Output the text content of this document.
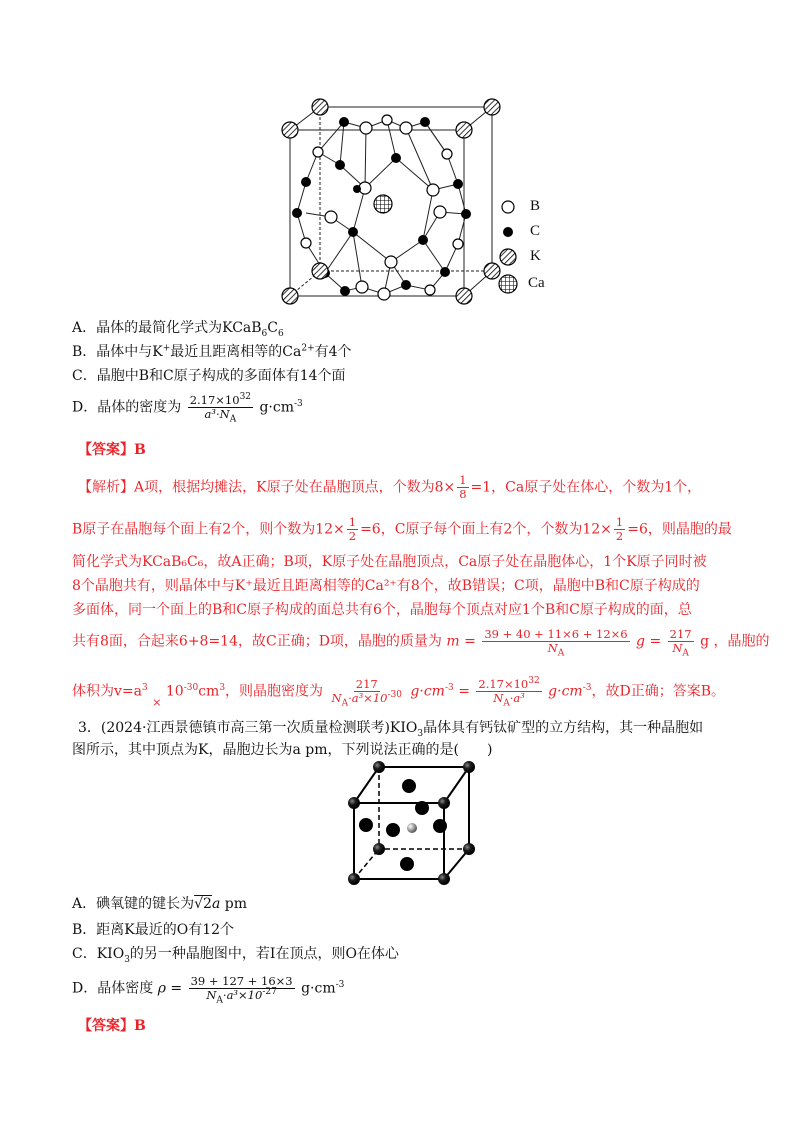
B
C
K
Ca
A．晶体的最简化学式为$KCaB_6C_6$
B．晶体中与K+最近且距离相等的$Ca^{2+}$有4个
C．晶胞中B和C原子构成的多面体有14个面
D．晶体的密度为 $\frac{2.17\times 10^{32}}{a^3\cdot N_A} g\cdot cm^{-3}$
【答案】B
【解析】A项，根据均摊法，K原子处在晶胞顶点，个数为$8\times \frac{1}{8} =1$，Ca原子处在体心，个数为1个，
B原子在晶胞每个面上有2个，则个数为$12\times \frac{1}{2} =6$，C原子每个面上有2个，个数为$12\times \frac{1}{2} =6$，则晶胞的最
简化学式为KCaB₆C₆，故A正确；B项，K原子处在晶胞顶点，Ca原子处在晶胞体心，1个K原子同时被
8个晶胞共有，则晶体中与K⁺最近且距离相等的Ca²⁺有8个，故B错误；C项，晶胞中B和C原子构成的
多面体，同一个面上的B和C原子构成的面总共有6个，晶胞每个顶点对应1个B和C原子构成的面，总
共有8面，合起来6+8=14，故C正确；D项，晶胞的质量为 $m = \frac{39 + 40 + 11\times 6 + 12\times 6}{N_A}$ $g = \frac{217}{N_A}$ g ，晶胞的
体积为$v=a^3$ $_\times$ $10^{-30}cm^3$，则晶胞密度为 $\frac{217}{N_A\cdot a^3\times 10^{-30}} g\cdot cm^{-3} = \frac{2.17\times 10^{32}}{N_A\cdot a^3} g\cdot cm^{-3}$，故D正确；答案B。
3．(2024·江西景德镇市高三第一次质量检测联考)$KIO_3$晶体具有钙钛矿型的立方结构，其一种晶胞如
图所示，其中顶点为K，晶胞边长为a pm，下列说法正确的是(　　)
A．碘氧键的键长为√2a pm
B．距离K最近的O有12个
C．$KIO_3$的另一种晶胞图中，若I在顶点，则O在体心
D．晶体密度 $\rho = \frac{39 + 127 + 16\times 3}{N_A\cdot a^3\times 10^{-27}} g\cdot cm^{-3}$
【答案】B
